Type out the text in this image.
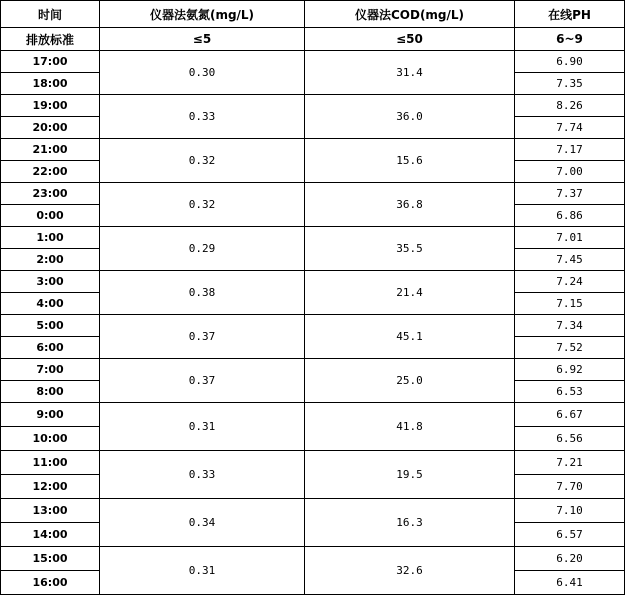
时间	仪器法氨氮(mg/L)	仪器法COD(mg/L)	在线PH
排放标准	≤5	≤50	6~9
17:00	0.30	31.4	6.90
18:00			7.35
19:00	0.33	36.0	8.26
20:00			7.74
21:00	0.32	15.6	7.17
22:00			7.00
23:00	0.32	36.8	7.37
0:00			6.86
1:00	0.29	35.5	7.01
2:00			7.45
3:00	0.38	21.4	7.24
4:00			7.15
5:00	0.37	45.1	7.34
6:00			7.52
7:00	0.37	25.0	6.92
8:00			6.53
9:00	0.31	41.8	6.67
10:00			6.56
11:00	0.33	19.5	7.21
12:00			7.70
13:00	0.34	16.3	7.10
14:00			6.57
15:00	0.31	32.6	6.20
16:00			6.41
